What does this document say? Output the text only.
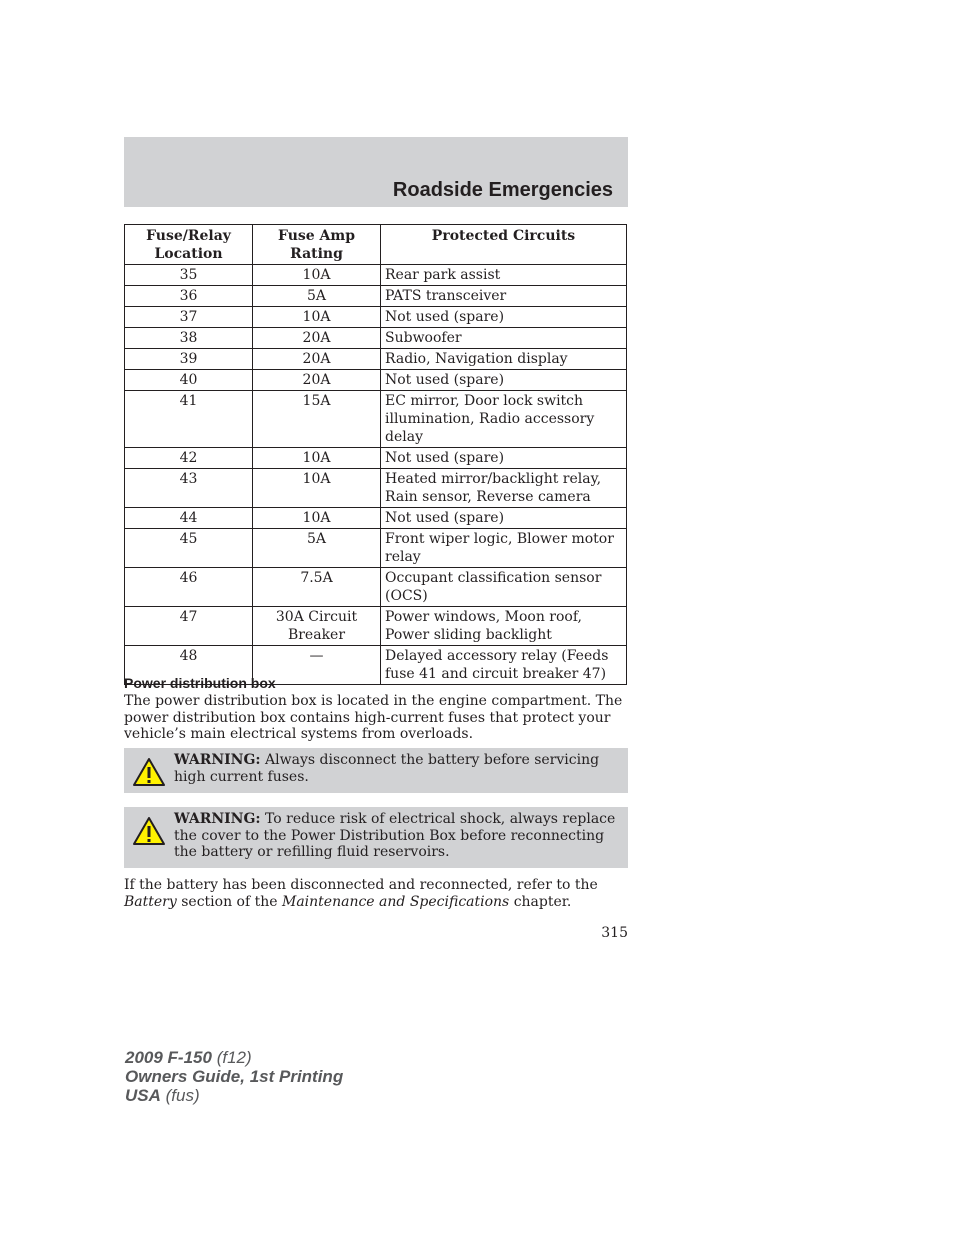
Roadside Emergencies
Fuse/Relay Location	Fuse Amp Rating	Protected Circuits
35	10A	Rear park assist
36	5A	PATS transceiver
37	10A	Not used (spare)
38	20A	Subwoofer
39	20A	Radio, Navigation display
40	20A	Not used (spare)
41	15A	EC mirror, Door lock switch illumination, Radio accessory delay
42	10A	Not used (spare)
43	10A	Heated mirror/backlight relay, Rain sensor, Reverse camera
44	10A	Not used (spare)
45	5A	Front wiper logic, Blower motor relay
46	7.5A	Occupant classification sensor (OCS)
47	30A Circuit Breaker	Power windows, Moon roof, Power sliding backlight
48	—	Delayed accessory relay (Feeds fuse 41 and circuit breaker 47)
Power distribution box
The power distribution box is located in the engine compartment. The power distribution box contains high-current fuses that protect your vehicle’s main electrical systems from overloads.
WARNING: Always disconnect the battery before servicing high current fuses.
WARNING: To reduce risk of electrical shock, always replace the cover to the Power Distribution Box before reconnecting the battery or refilling fluid reservoirs.
If the battery has been disconnected and reconnected, refer to the Battery section of the Maintenance and Specifications chapter.
315
2009 F-150 (f12)
Owners Guide, 1st Printing
USA (fus)
